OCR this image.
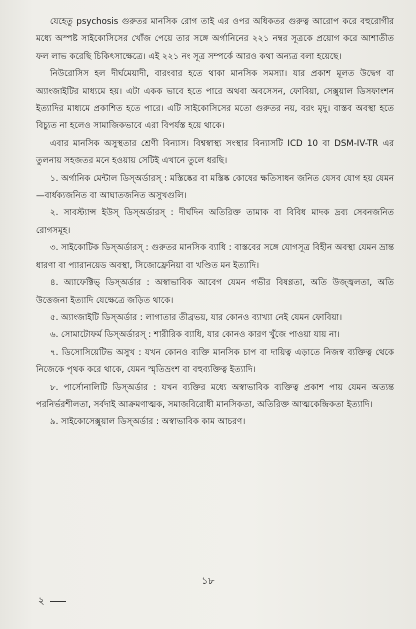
যেহেতু psychosis গুরুতর মানসিক রোগ তাই এর ওপর অধিকতর গুরুত্ব আরোপ করে বহুরোগীর মধ্যে অস্পষ্ট সাইকোসিসের খোঁজ পেয়ে তার সঙ্গে অর্গানিনের ২২১ নম্বর সূত্রকে প্রয়োগ করে আশাতীত ফল লাভ করেছি চিকিৎসাক্ষেত্রে। এই ২২১ নং সূত্র সম্পর্কে আরও কথা অন্যত্র বলা হয়েছে।

নিউরোসিস হল দীর্ঘমেয়াদী, বারংবার হতে থাকা মানসিক সমস্যা। যার প্রকাশ মূলত উদ্বেগ বা অ্যাংজাইটির মাধ্যমে হয়। এটা একক ভাবে হতে পারে অথবা অবসেসন, ফোবিয়া, সেক্সুয়াল ডিসফাংশন ইত্যাদির মাধ্যমে প্রকাশিত হতে পারে। এটি সাইকোসিসের মতো গুরুতর নয়, বরং মৃদু। বাস্তব অবস্থা হতে বিচ্যুত না হলেও সামাজিকভাবে এরা বিপর্যস্ত হয়ে থাকে।

এবার মানসিক অসুস্থতার শ্রেণী বিন্যাস। বিশ্বস্বাস্থ্য সংস্থার বিন্যাসটি ICD 10 বা DSM-IV-TR এর তুলনায় সহজতর মনে হওয়ায় সেটিই এখানে তুলে ধরছি।

১. অর্গানিক মেন্টাল ডিস্অর্ডারস্ : মস্তিষ্কের বা মস্তিষ্ক কোষের ক্ষতিসাধন জনিত যেসব যোগ হয় যেমন—বার্ধক্যজনিত বা আঘাতজনিত অসুখগুলি।

২. সাবস্ট্যান্স ইউস্ ডিস্অর্ডারস্ : দীর্ঘদিন অতিরিক্ত তামাক বা বিবিধ মাদক দ্রব্য সেবনজনিত রোগসমূহ।

৩. সাইকোটিক ডিস্অর্ডারস্ : গুরুতর মানসিক ব্যাধি : বাস্তবের সঙ্গে যোগসূত্র বিহীন অবস্থা যেমন ভ্রান্ত ধারণা বা প্যারানয়েড অবস্থা, সিজোফ্রেনিয়া বা খণ্ডিত মন ইত্যাদি।

৪. অ্যাফেক্টিভ্ ডিস্অর্ডার : অস্বাভাবিক আবেগ যেমন গভীর বিষণ্ণতা, অতি উজ্জ্বলতা, অতি উত্তেজনা ইত্যাদি যেক্ষেত্রে জড়িত থাকে।

৫. অ্যাংজাইটি ডিস্অর্ডার : লাগাতার তীব্রভয়, যার কোনও ব্যাখ্যা নেই যেমন ফোবিয়া।

৬. সোমাটোফর্ম ডিস্অর্ডারস্ : শারীরিক ব্যাধি, যার কোনও কারণ খুঁজে পাওয়া যায় না।

৭. ডিসোসিয়েটিভ অসুখ : যখন কোনও ব্যক্তি মানসিক চাপ বা দায়িত্ব এড়াতে নিজস্ব ব্যক্তিত্ব থেকে নিজেকে পৃথক করে থাকে, যেমন স্মৃতিভ্রংশ বা বহুব্যক্তিত্ব ইত্যাদি।

৮. পার্সোনালিটি ডিস্অর্ডার : যখন ব্যক্তির মধ্যে অস্বাভাবিক ব্যক্তিত্ব প্রকাশ পায় যেমন অত্যন্ত পরনির্ভরশীলতা, সর্বদাই আক্রমণাত্মক, সমাজবিরোধী মানসিকতা, অতিরিক্ত আত্মকেন্দ্রিকতা ইত্যাদি।

৯. সাইকোসেক্সুয়াল ডিস্অর্ডার : অস্বাভাবিক কাম আচরণ।

১৮
২
